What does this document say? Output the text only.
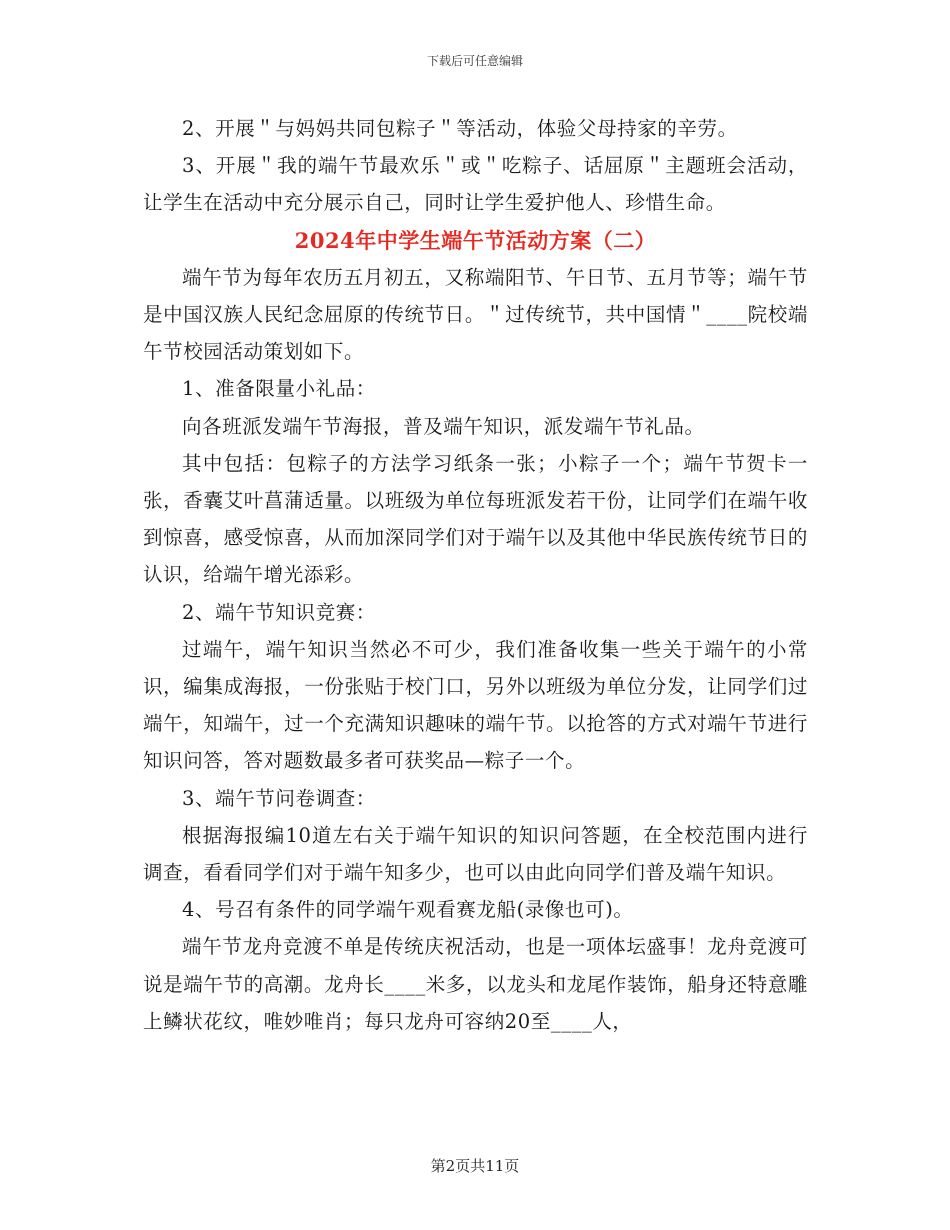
下载后可任意编辑

2、开展＂与妈妈共同包粽子＂等活动，体验父母持家的辛劳。

3、开展＂我的端午节最欢乐＂或＂吃粽子、话屈原＂主题班会活动，让学生在活动中充分展示自己，同时让学生爱护他人、珍惜生命。

2024年中学生端午节活动方案（二）

端午节为每年农历五月初五，又称端阳节、午日节、五月节等；端午节是中国汉族人民纪念屈原的传统节日。＂过传统节，共中国情＂____院校端午节校园活动策划如下。

1、准备限量小礼品：

向各班派发端午节海报，普及端午知识，派发端午节礼品。

其中包括：包粽子的方法学习纸条一张；小粽子一个；端午节贺卡一张，香囊艾叶菖蒲适量。以班级为单位每班派发若干份，让同学们在端午收到惊喜，感受惊喜，从而加深同学们对于端午以及其他中华民族传统节日的认识，给端午增光添彩。

2、端午节知识竞赛：

过端午，端午知识当然必不可少，我们准备收集一些关于端午的小常识，编集成海报，一份张贴于校门口，另外以班级为单位分发，让同学们过端午，知端午，过一个充满知识趣味的端午节。以抢答的方式对端午节进行知识问答，答对题数最多者可获奖品—粽子一个。

3、端午节问卷调查：

根据海报编10道左右关于端午知识的知识问答题，在全校范围内进行调查，看看同学们对于端午知多少，也可以由此向同学们普及端午知识。

4、号召有条件的同学端午观看赛龙船(录像也可)。

端午节龙舟竞渡不单是传统庆祝活动，也是一项体坛盛事！龙舟竞渡可说是端午节的高潮。龙舟长____米多，以龙头和龙尾作装饰，船身还特意雕上鳞状花纹，唯妙唯肖；每只龙舟可容纳20至____人，

第2页共11页
